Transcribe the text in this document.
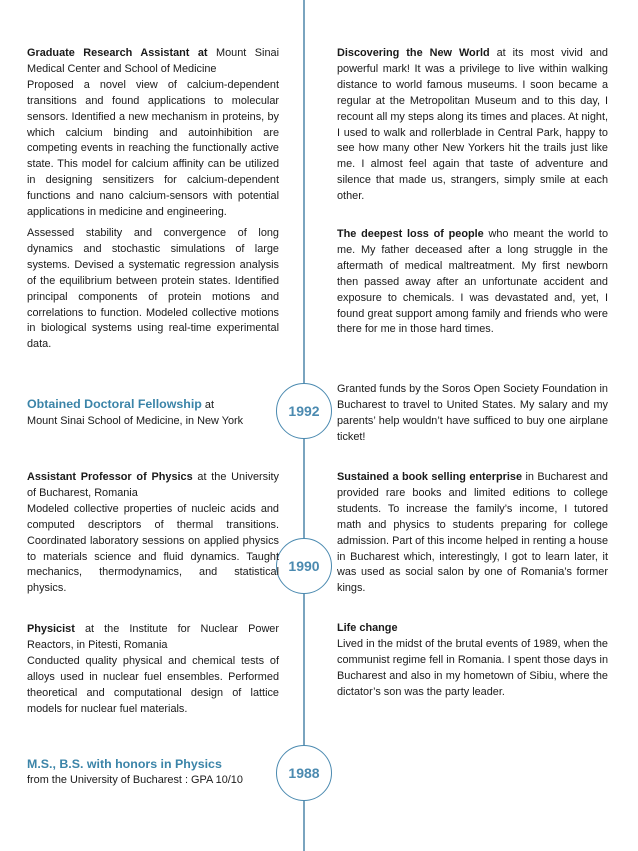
1992
1990
1988

Graduate Research Assistant at Mount Sinai Medical Center and School of Medicine

Proposed a novel view of calcium-dependent transitions and found applications to molecular sensors. Identified a new mechanism in proteins, by which calcium binding and autoinhibition are competing events in reaching the functionally active state. This model for calcium affinity can be utilized in designing sensitizers for calcium-dependent functions and nano calcium-sensors with potential applications in medicine and engineering.

Assessed stability and convergence of long dynamics and stochastic simulations of large systems. Devised a systematic regression analysis of the equilibrium between protein states. Identified principal components of protein motions and correlations to function. Modeled collective motions in biological systems using real-time experimental data.

Obtained Doctoral Fellowship at

Mount Sinai School of Medicine, in New York

Assistant Professor of Physics at the University of Bucharest, Romania

Modeled collective properties of nucleic acids and computed descriptors of thermal transitions. Coordinated laboratory sessions on applied physics to materials science and fluid dynamics. Taught mechanics, thermodynamics, and statistical physics.

Physicist at the Institute for Nuclear Power Reactors, in Pitesti, Romania

Conducted quality physical and chemical tests of alloys used in nuclear fuel ensembles. Performed theoretical and computational design of lattice models for nuclear fuel materials.

M.S., B.S. with honors in Physics

from the University of Bucharest : GPA 10/10

Discovering the New World at its most vivid and powerful mark! It was a privilege to live within walking distance to world famous museums. I soon became a regular at the Metropolitan Museum and to this day, I recount all my steps along its times and places. At night, I used to walk and rollerblade in Central Park, happy to see how many other New Yorkers hit the trails just like me. I almost feel again that taste of adventure and silence that made us, strangers, simply smile at each other.

The deepest loss of people who meant the world to me. My father deceased after a long struggle in the aftermath of medical maltreatment. My first newborn then passed away after an unfortunate accident and exposure to chemicals. I was devastated and, yet, I found great support among family and friends who were there for me in those hard times.

Granted funds by the Soros Open Society Foundation in Bucharest to travel to United States. My salary and my parents’ help wouldn’t have sufficed to buy one airplane ticket!

Sustained a book selling enterprise in Bucharest and provided rare books and limited editions to college students. To increase the family’s income, I tutored math and physics to students preparing for college admission. Part of this income helped in renting a house in Bucharest which, interestingly, I got to learn later, it was used as social salon by one of Romania’s former kings.

Life change

Lived in the midst of the brutal events of 1989, when the communist regime fell in Romania. I spent those days in Bucharest and also in my hometown of Sibiu, where the dictator’s son was the party leader.
